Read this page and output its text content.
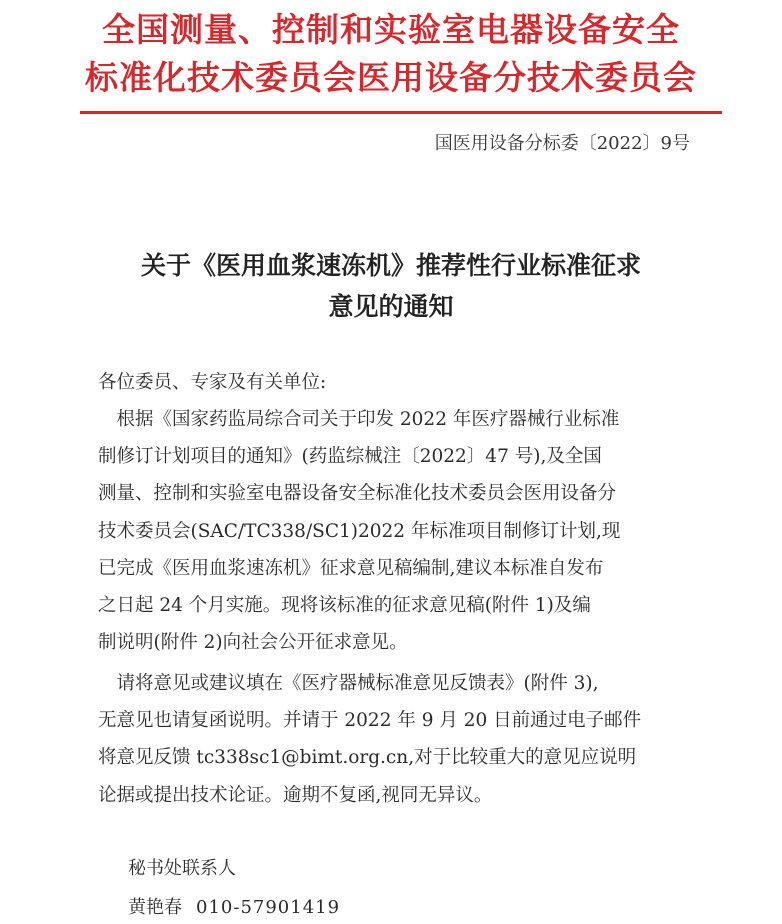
全国测量、控制和实验室电器设备安全
标准化技术委员会医用设备分技术委员会
国医用设备分标委〔2022〕9号
关于《医用血浆速冻机》推荐性行业标准征求
意见的通知
各位委员、专家及有关单位:
　根据《国家药监局综合司关于印发 2022 年医疗器械行业标准
制修订计划项目的通知》(药监综械注〔2022〕47 号),及全国
测量、控制和实验室电器设备安全标准化技术委员会医用设备分
技术委员会(SAC/TC338/SC1)2022 年标准项目制修订计划,现
已完成《医用血浆速冻机》征求意见稿编制,建议本标准自发布
之日起 24 个月实施。现将该标准的征求意见稿(附件 1)及编
制说明(附件 2)向社会公开征求意见。
　请将意见或建议填在《医疗器械标准意见反馈表》(附件 3),
无意见也请复函说明。并请于 2022 年 9 月 20 日前通过电子邮件
将意见反馈 tc338sc1@bimt.org.cn,对于比较重大的意见应说明
论据或提出技术论证。逾期不复函,视同无异议。
秘书处联系人
黄艳春 010-57901419
